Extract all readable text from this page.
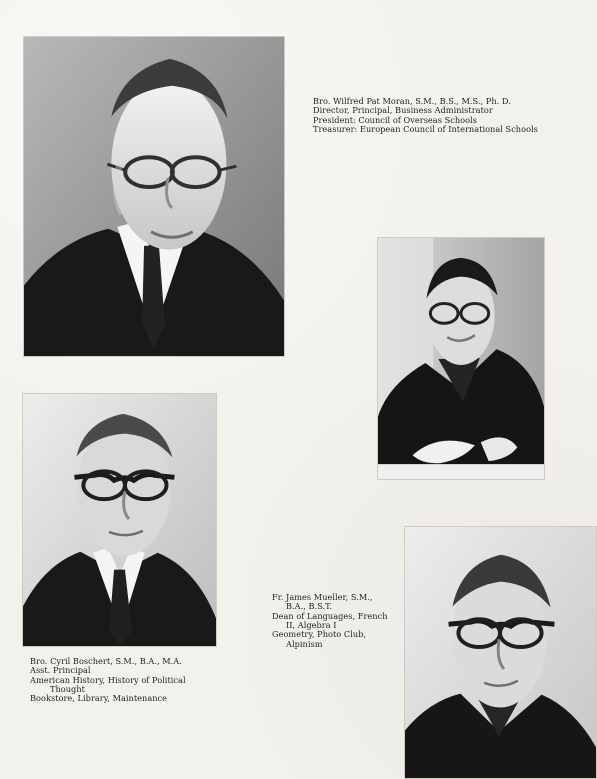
Bro. Wilfred Pat Moran, S.M., B.S., M.S., Ph. D.
Director, Principal, Business Administrator
President: Council of Overseas Schools
Treasurer: European Council of International Schools
Bro. Cyril Boschert, S.M., B.A., M.A.
Asst. Principal
American History, History of Political
Thought
Bookstore, Library, Maintenance
Fr. James Mueller, S.M.,
B.A., B.S.T.
Dean of Languages, French
II, Algebra I
Geometry, Photo Club,
Alpinism
